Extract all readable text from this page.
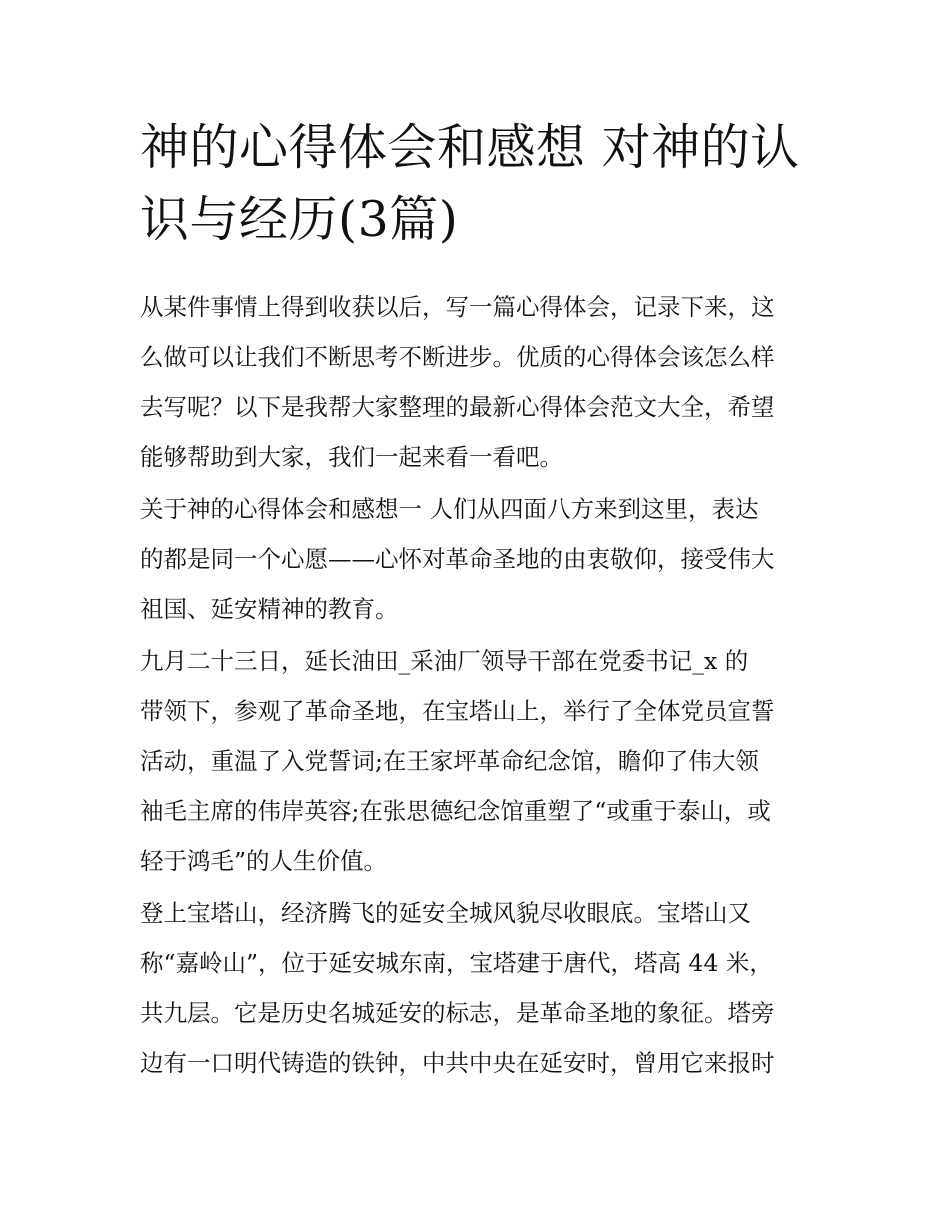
神的心得体会和感想 对神的认
识与经历(3篇)

从某件事情上得到收获以后，写一篇心得体会，记录下来，这
么做可以让我们不断思考不断进步。优质的心得体会该怎么样
去写呢？以下是我帮大家整理的最新心得体会范文大全，希望
能够帮助到大家，我们一起来看一看吧。

关于神的心得体会和感想一 人们从四面八方来到这里，表达
的都是同一个心愿——心怀对革命圣地的由衷敬仰，接受伟大
祖国、延安精神的教育。

九月二十三日，延长油田_采油厂领导干部在党委书记_x 的
带领下，参观了革命圣地，在宝塔山上，举行了全体党员宣誓
活动，重温了入党誓词;在王家坪革命纪念馆，瞻仰了伟大领
袖毛主席的伟岸英容;在张思德纪念馆重塑了“或重于泰山，或
轻于鸿毛”的人生价值。

登上宝塔山，经济腾飞的延安全城风貌尽收眼底。宝塔山又
称“嘉岭山”，位于延安城东南，宝塔建于唐代，塔高 44 米，
共九层。它是历史名城延安的标志，是革命圣地的象征。塔旁
边有一口明代铸造的铁钟，中共中央在延安时，曾用它来报时
